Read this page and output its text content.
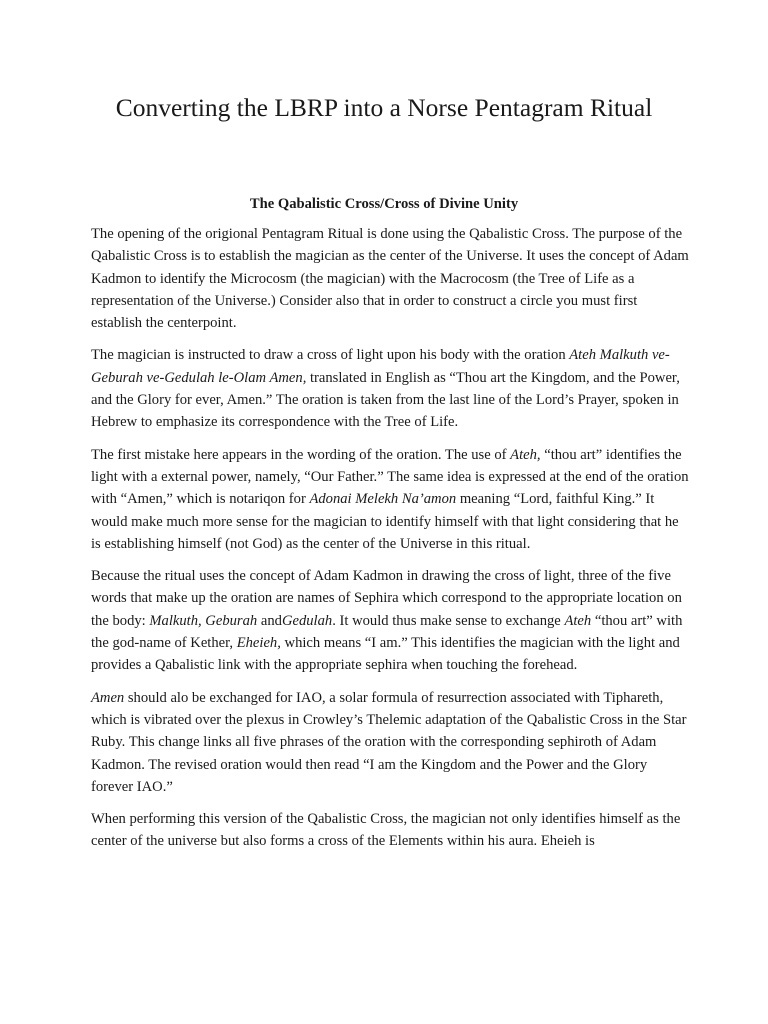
Converting the LBRP into a Norse Pentagram Ritual
The Qabalistic Cross/Cross of Divine Unity

The opening of the origional Pentagram Ritual is done using the Qabalistic Cross. The purpose of the Qabalistic Cross is to establish the magician as the center of the Universe. It uses the concept of Adam Kadmon to identify the Microcosm (the magician) with the Macrocosm (the Tree of Life as a representation of the Universe.) Consider also that in order to construct a circle you must first establish the centerpoint.

The magician is instructed to draw a cross of light upon his body with the oration Ateh Malkuth ve-Geburah ve-Gedulah le-Olam Amen, translated in English as “Thou art the Kingdom, and the Power, and the Glory for ever, Amen.” The oration is taken from the last line of the Lord’s Prayer, spoken in Hebrew to emphasize its correspondence with the Tree of Life.

The first mistake here appears in the wording of the oration. The use of Ateh, “thou art” identifies the light with a external power, namely, “Our Father.” The same idea is expressed at the end of the oration with “Amen,” which is notariqon for Adonai Melekh Na’amon meaning “Lord, faithful King.” It would make much more sense for the magician to identify himself with that light considering that he is establishing himself (not God) as the center of the Universe in this ritual.

Because the ritual uses the concept of Adam Kadmon in drawing the cross of light, three of the five words that make up the oration are names of Sephira which correspond to the appropriate location on the body: Malkuth, Geburah andGedulah. It would thus make sense to exchange Ateh “thou art” with the god-name of Kether, Eheieh, which means “I am.” This identifies the magician with the light and provides a Qabalistic link with the appropriate sephira when touching the forehead.

Amen should alo be exchanged for IAO, a solar formula of resurrection associated with Tiphareth, which is vibrated over the plexus in Crowley’s Thelemic adaptation of the Qabalistic Cross in the Star Ruby. This change links all five phrases of the oration with the corresponding sephiroth of Adam Kadmon. The revised oration would then read “I am the Kingdom and the Power and the Glory forever IAO.”

When performing this version of the Qabalistic Cross, the magician not only identifies himself as the center of the universe but also forms a cross of the Elements within his aura. Eheieh is
